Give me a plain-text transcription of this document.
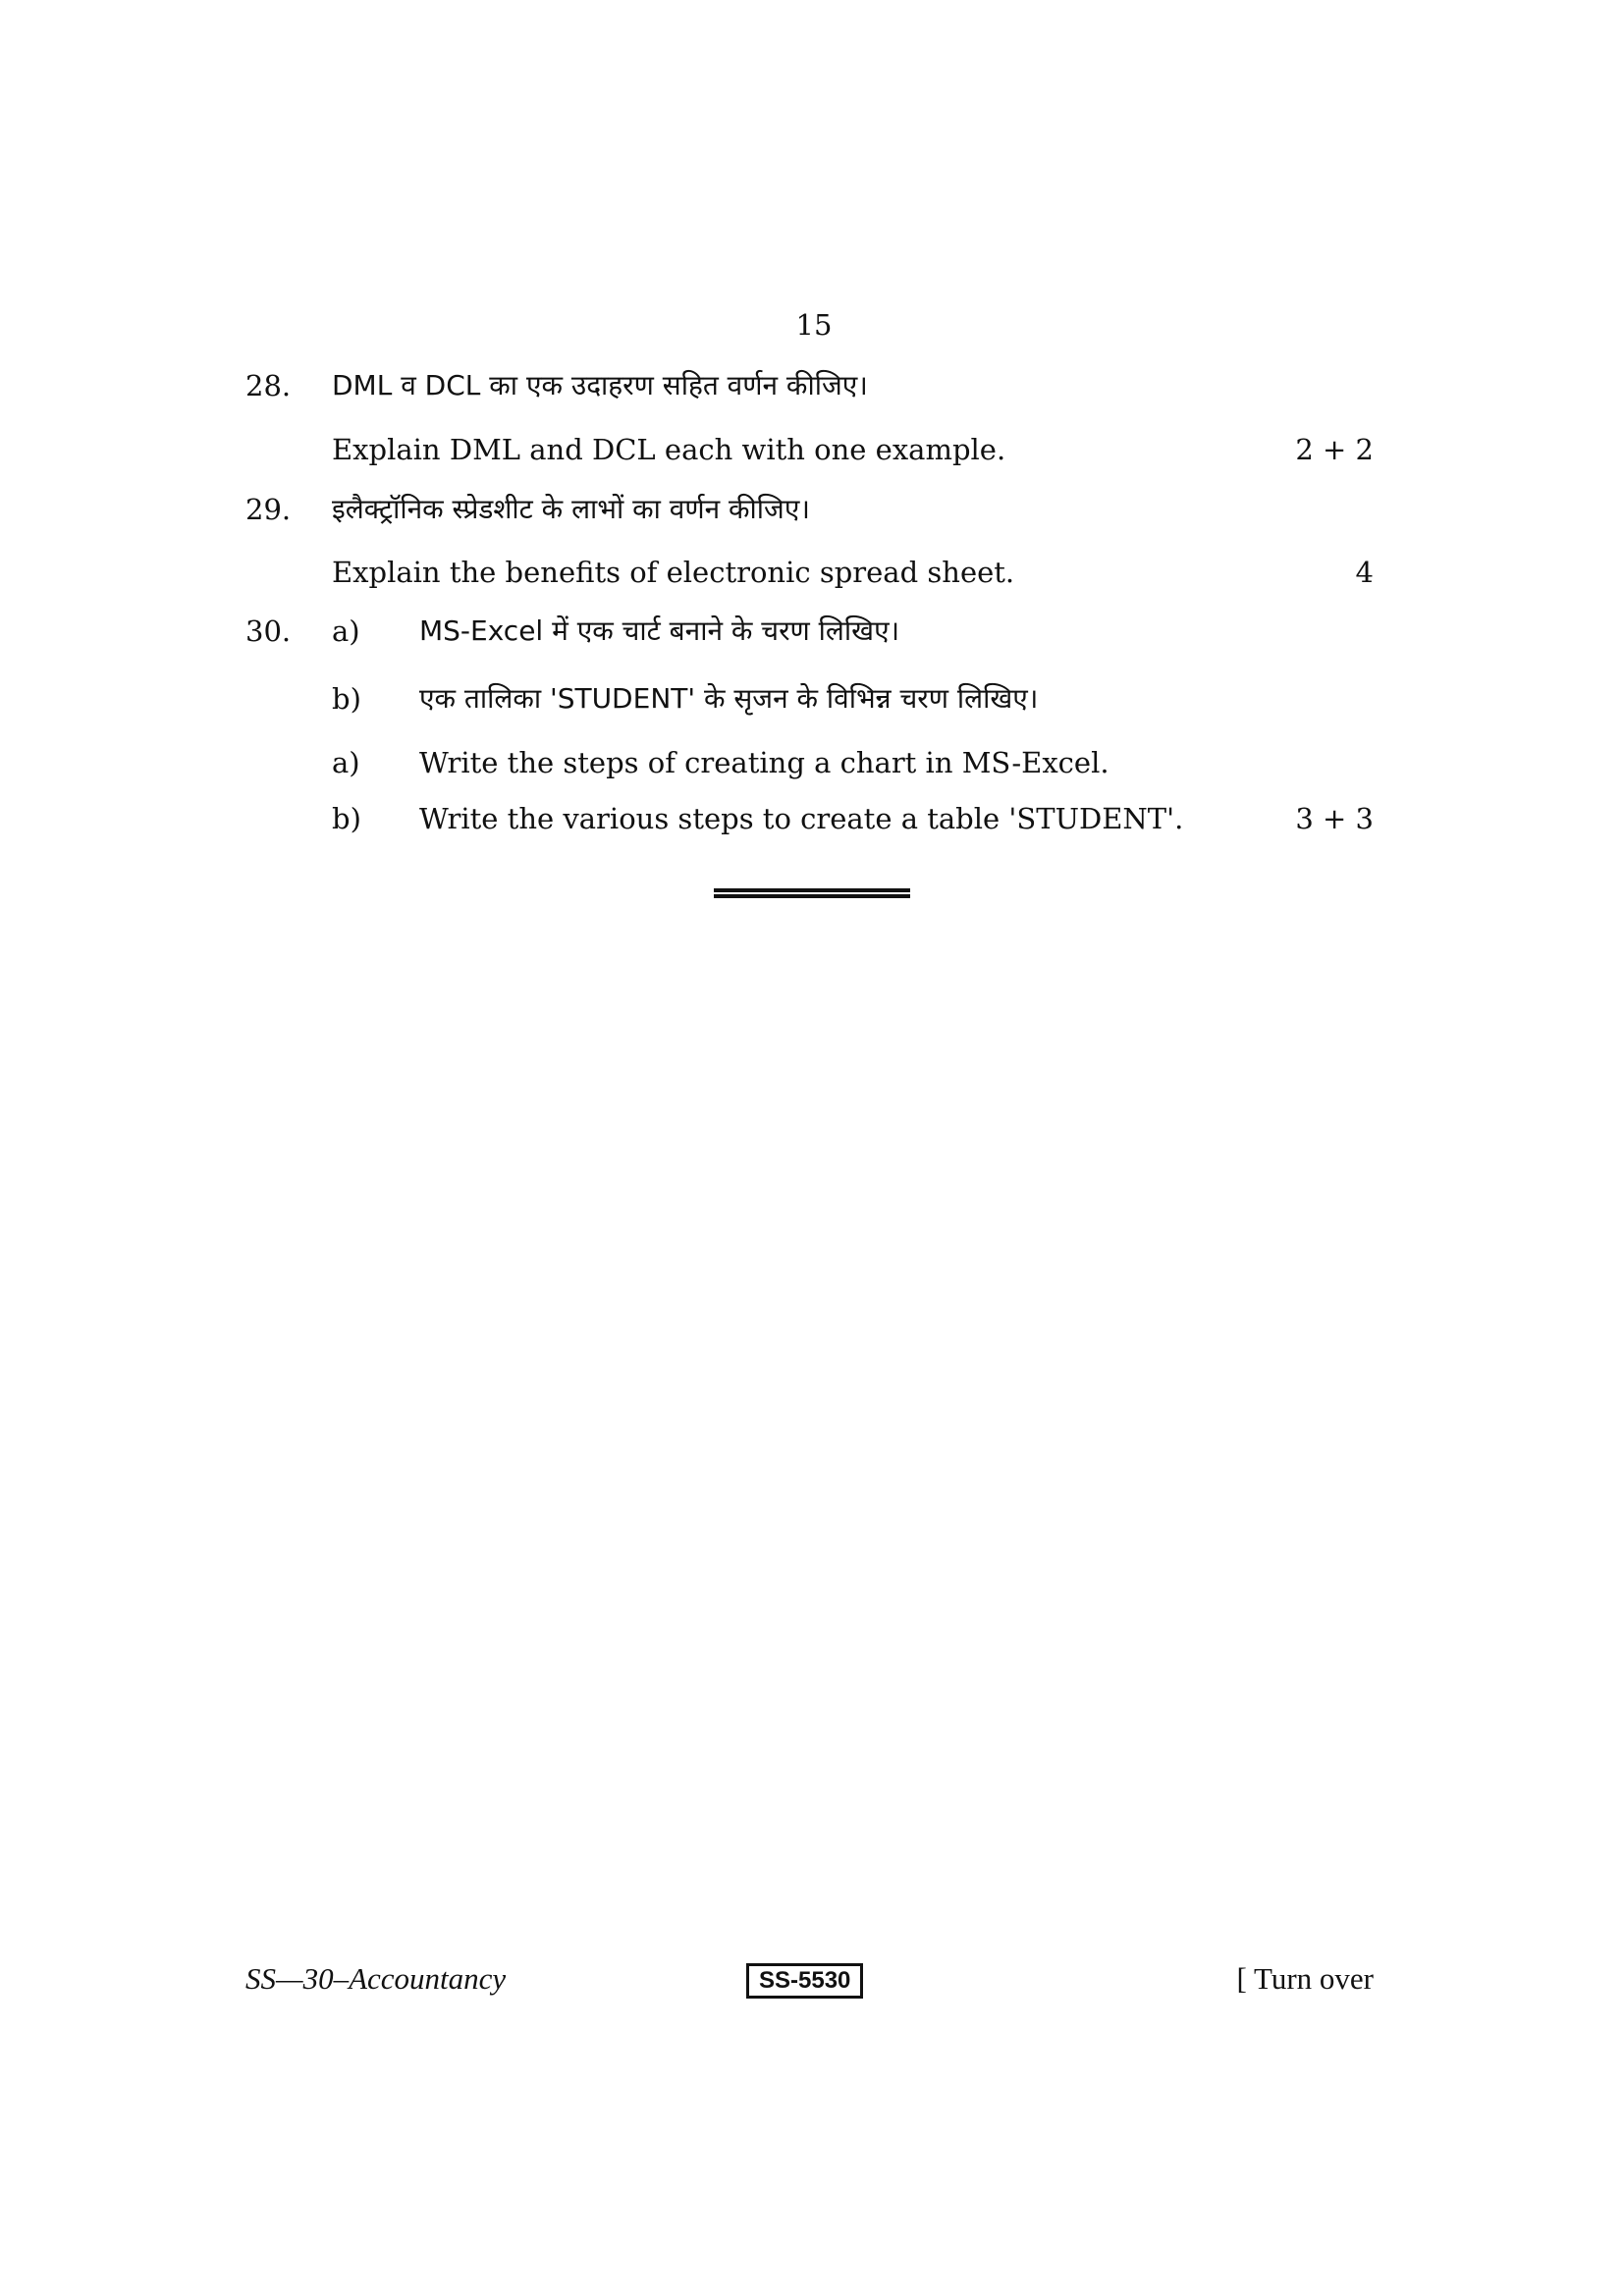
15
28. DML व DCL का एक उदाहरण सहित वर्णन कीजिए।
Explain DML and DCL each with one example.	2 + 2
29. इलैक्ट्रॉनिक स्प्रेडशीट के लाभों का वर्णन कीजिए।
Explain the benefits of electronic spread sheet.	4
30. a) MS-Excel में एक चार्ट बनाने के चरण लिखिए।
b) एक तालिका 'STUDENT' के सृजन के विभिन्न चरण लिखिए।
a) Write the steps of creating a chart in MS-Excel.
b) Write the various steps to create a table 'STUDENT'.	3 + 3
SS—30–Accountancy	SS-5530	[ Turn over
